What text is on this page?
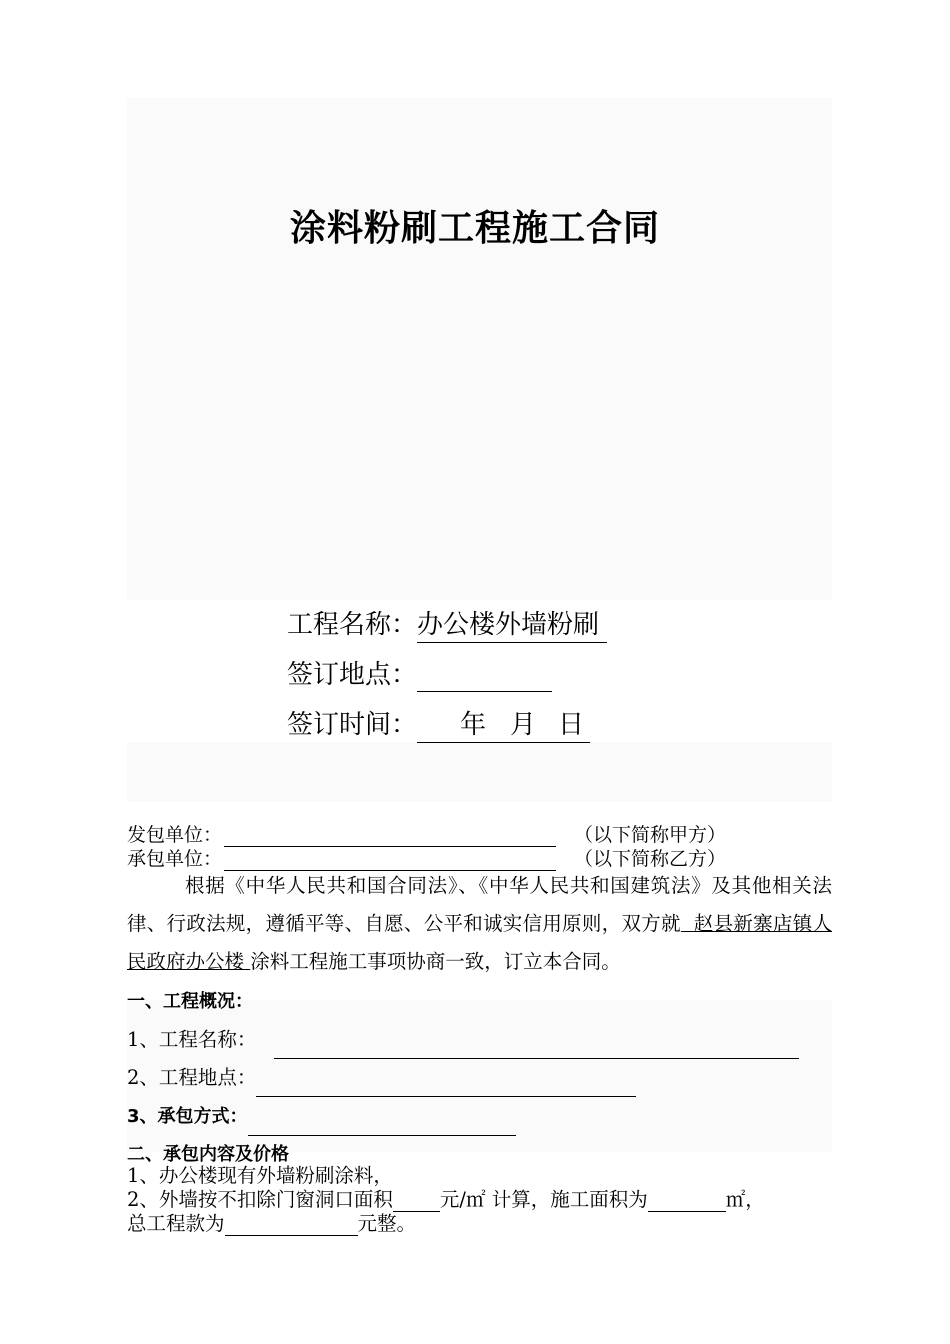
涂料粉刷工程施工合同
工程名称：办公楼外墙粉刷
签订地点：
签订时间： 年 月 日
发包单位：	（以下简称甲方）
承包单位：	（以下简称乙方）
根据《中华人民共和国合同法》、《中华人民共和国建筑法》及其他相关法律、行政法规，遵循平等、自愿、公平和诚实信用原则，双方就 赵县新寨店镇人民政府办公楼 涂料工程施工事项协商一致，订立本合同。
一、工程概况：
1、工程名称：
2、工程地点：
3、承包方式：
二、承包内容及价格
1、办公楼现有外墙粉刷涂料，
2、外墙按不扣除门窗洞口面积 元/㎡ 计算，施工面积为	㎡，
总工程款为	元整。
